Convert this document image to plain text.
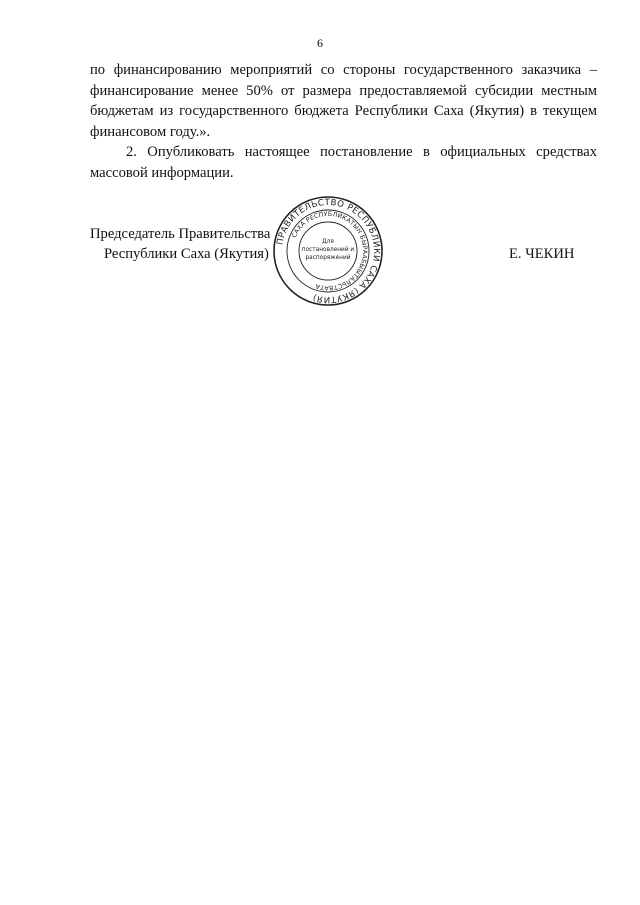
6

по финансированию мероприятий со стороны государственного заказчика – финансирование менее 50% от размера предоставляемой субсидии местным бюджетам из государственного бюджета Республики Саха (Якутия) в текущем финансовом году.».

2. Опубликовать настоящее постановление в официальных средствах массовой информации.

Председатель Правительства
Республики Саха (Якутия)	Е. ЧЕКИН
ПРАВИТЕЛЬСТВО РЕСПУБЛИКИ САХА (ЯКУТИЯ)
САХА РЕСПУБЛИКАТЫН БЫРААБЫЫТАЛЬСТВАТА
Для
постановлений и
распоряжений
